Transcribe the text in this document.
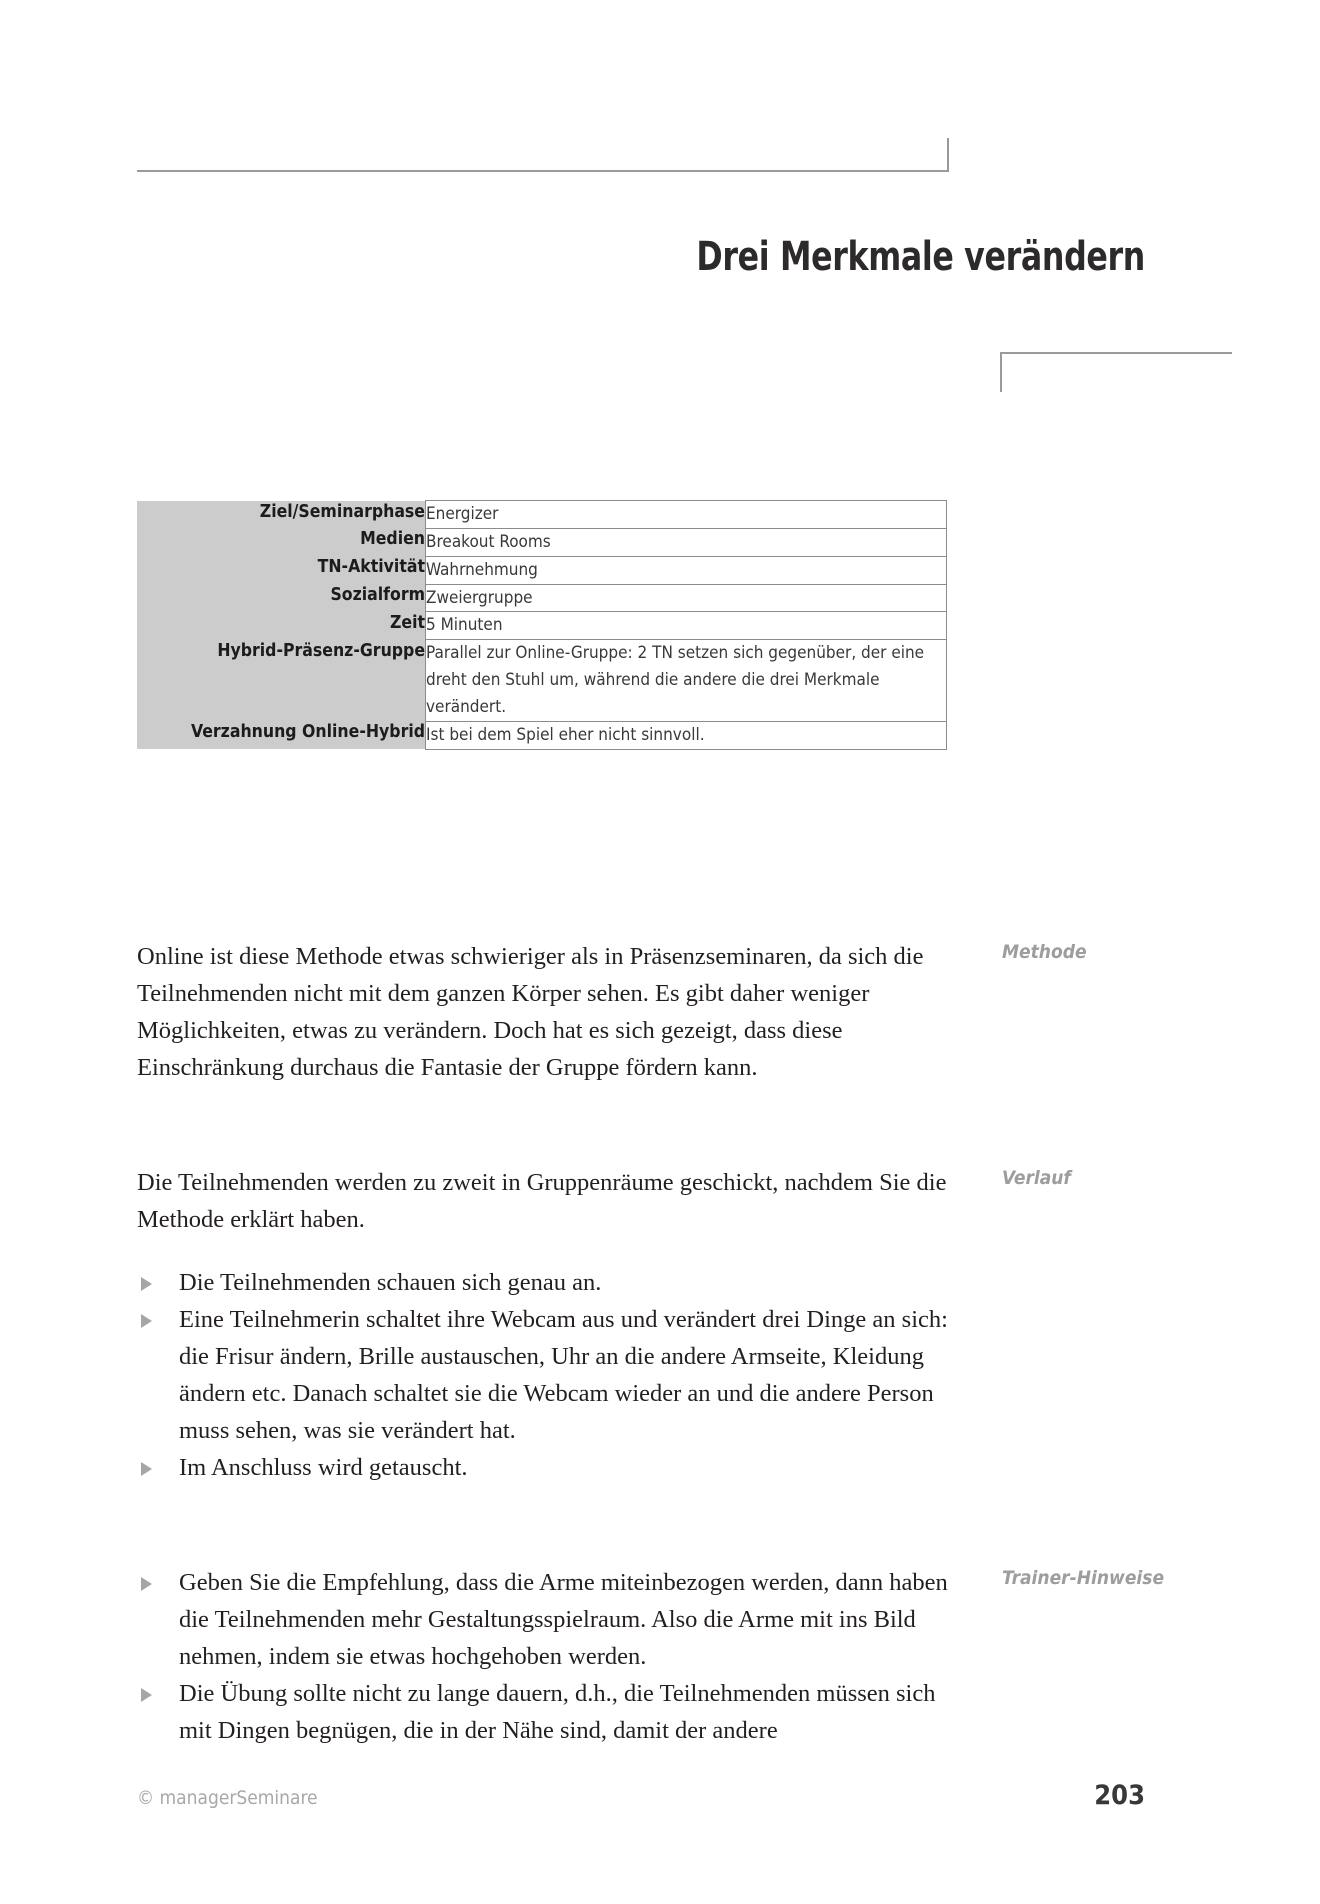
Drei Merkmale verändern
Ziel/Seminarphase	Energizer
Medien	Breakout Rooms
TN-Aktivität	Wahrnehmung
Sozialform	Zweiergruppe
Zeit	5 Minuten
Hybrid-Präsenz-Gruppe	Parallel zur Online-Gruppe: 2 TN setzen sich gegenüber, der eine dreht den Stuhl um, während die andere die drei Merkmale verändert.
Verzahnung Online-Hybrid	Ist bei dem Spiel eher nicht sinnvoll.
Methode

Online ist diese Methode etwas schwieriger als in Präsenzseminaren, da sich die Teilnehmenden nicht mit dem ganzen Körper sehen. Es gibt daher weniger Möglichkeiten, etwas zu verändern. Doch hat es sich gezeigt, dass diese Einschränkung durchaus die Fantasie der Gruppe fördern kann.

Verlauf

Die Teilnehmenden werden zu zweit in Gruppenräume geschickt, nachdem Sie die Methode erklärt haben.

Die Teilnehmenden schauen sich genau an.
Eine Teilnehmerin schaltet ihre Webcam aus und verändert drei Dinge an sich: die Frisur ändern, Brille austauschen, Uhr an die andere Armseite, Kleidung ändern etc. Danach schaltet sie die Webcam wieder an und die andere Person muss sehen, was sie verändert hat.
Im Anschluss wird getauscht.
Trainer-Hinweise
Geben Sie die Empfehlung, dass die Arme miteinbezogen werden, dann haben die Teilnehmenden mehr Gestaltungsspielraum. Also die Arme mit ins Bild nehmen, indem sie etwas hochgehoben werden.
Die Übung sollte nicht zu lange dauern, d.h., die Teilnehmenden müssen sich mit Dingen begnügen, die in der Nähe sind, damit der andere
© managerSeminare	203
